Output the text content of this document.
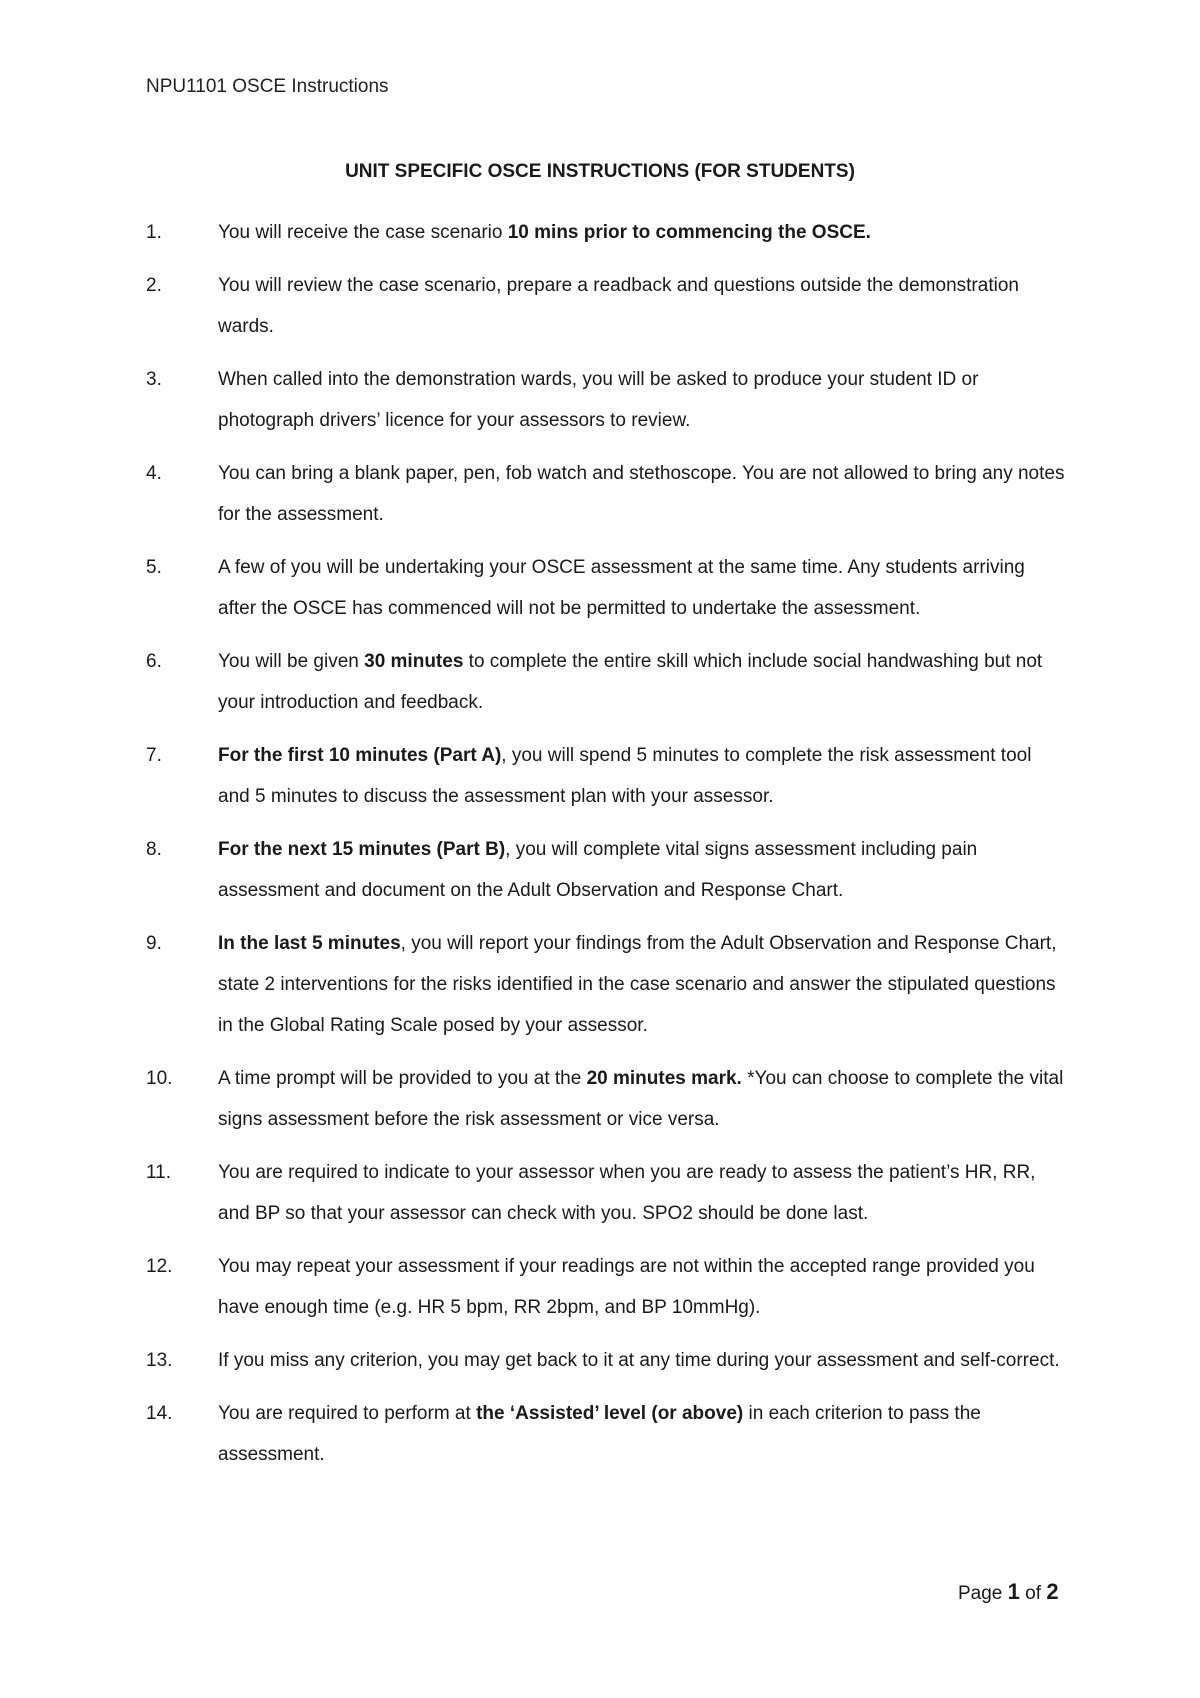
NPU1101 OSCE Instructions
UNIT SPECIFIC OSCE INSTRUCTIONS (FOR STUDENTS)
1.	You will receive the case scenario 10 mins prior to commencing the OSCE.
2.	You will review the case scenario, prepare a readback and questions outside the demonstration wards.
3.	When called into the demonstration wards, you will be asked to produce your student ID or photograph drivers’ licence for your assessors to review.
4.	You can bring a blank paper, pen, fob watch and stethoscope. You are not allowed to bring any notes for the assessment.
5.	A few of you will be undertaking your OSCE assessment at the same time. Any students arriving after the OSCE has commenced will not be permitted to undertake the assessment.
6.	You will be given 30 minutes to complete the entire skill which include social handwashing but not your introduction and feedback.
7.	For the first 10 minutes (Part A), you will spend 5 minutes to complete the risk assessment tool and 5 minutes to discuss the assessment plan with your assessor.
8.	For the next 15 minutes (Part B), you will complete vital signs assessment including pain assessment and document on the Adult Observation and Response Chart.
9.	In the last 5 minutes, you will report your findings from the Adult Observation and Response Chart, state 2 interventions for the risks identified in the case scenario and answer the stipulated questions in the Global Rating Scale posed by your assessor.
10.	A time prompt will be provided to you at the 20 minutes mark. *You can choose to complete the vital signs assessment before the risk assessment or vice versa.
11.	You are required to indicate to your assessor when you are ready to assess the patient’s HR, RR, and BP so that your assessor can check with you. SPO2 should be done last.
12.	You may repeat your assessment if your readings are not within the accepted range provided you have enough time (e.g. HR 5 bpm, RR 2bpm, and BP 10mmHg).
13.	If you miss any criterion, you may get back to it at any time during your assessment and self-correct.
14.	You are required to perform at the ‘Assisted’ level (or above) in each criterion to pass the assessment.
Page 1 of 2
